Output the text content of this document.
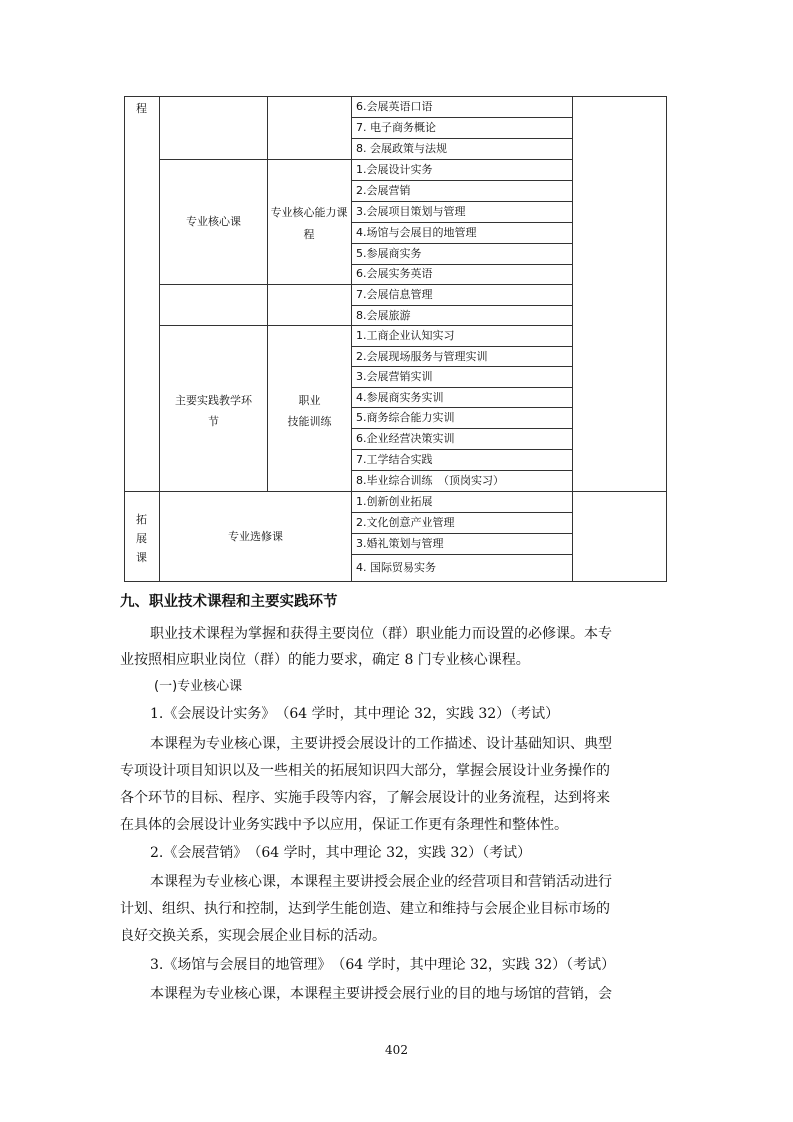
程
拓
展
课
专业核心课
主要实践教学环
节
专业选修课
专业核心能力课
程
职业
技能训练
6.会展英语口语
7. 电子商务概论
8. 会展政策与法规
1.会展设计实务
2.会展营销
3.会展项目策划与管理
4.场馆与会展目的地管理
5.参展商实务
6.会展实务英语
7.会展信息管理
8.会展旅游
1.工商企业认知实习
2.会展现场服务与管理实训
3.会展营销实训
4.参展商实务实训
5.商务综合能力实训
6.企业经营决策实训
7.工学结合实践
8.毕业综合训练　（顶岗实习）
1.创新创业拓展
2.文化创意产业管理
3.婚礼策划与管理
4. 国际贸易实务
九、职业技术课程和主要实践环节
职业技术课程为掌握和获得主要岗位（群）职业能力而设置的必修课。本专
业按照相应职业岗位（群）的能力要求，确定 8 门专业核心课程。
(一)专业核心课
1.《会展设计实务》　（64 学时，其中理论 32，实践 32）（考试）
本课程为专业核心课，主要讲授会展设计的工作描述、设计基础知识、典型
专项设计项目知识以及一些相关的拓展知识四大部分，掌握会展设计业务操作的
各个环节的目标、程序、实施手段等内容，了解会展设计的业务流程，达到将来
在具体的会展设计业务实践中予以应用，保证工作更有条理性和整体性。
2.《会展营销》　（64 学时，其中理论 32，实践 32）（考试）
本课程为专业核心课，本课程主要讲授会展企业的经营项目和营销活动进行
计划、组织、执行和控制，达到学生能创造、建立和维持与会展企业目标市场的
良好交换关系，实现会展企业目标的活动。
3.《场馆与会展目的地管理》　（64 学时，其中理论 32，实践 32）（考试）
本课程为专业核心课，本课程主要讲授会展行业的目的地与场馆的营销，会
402
